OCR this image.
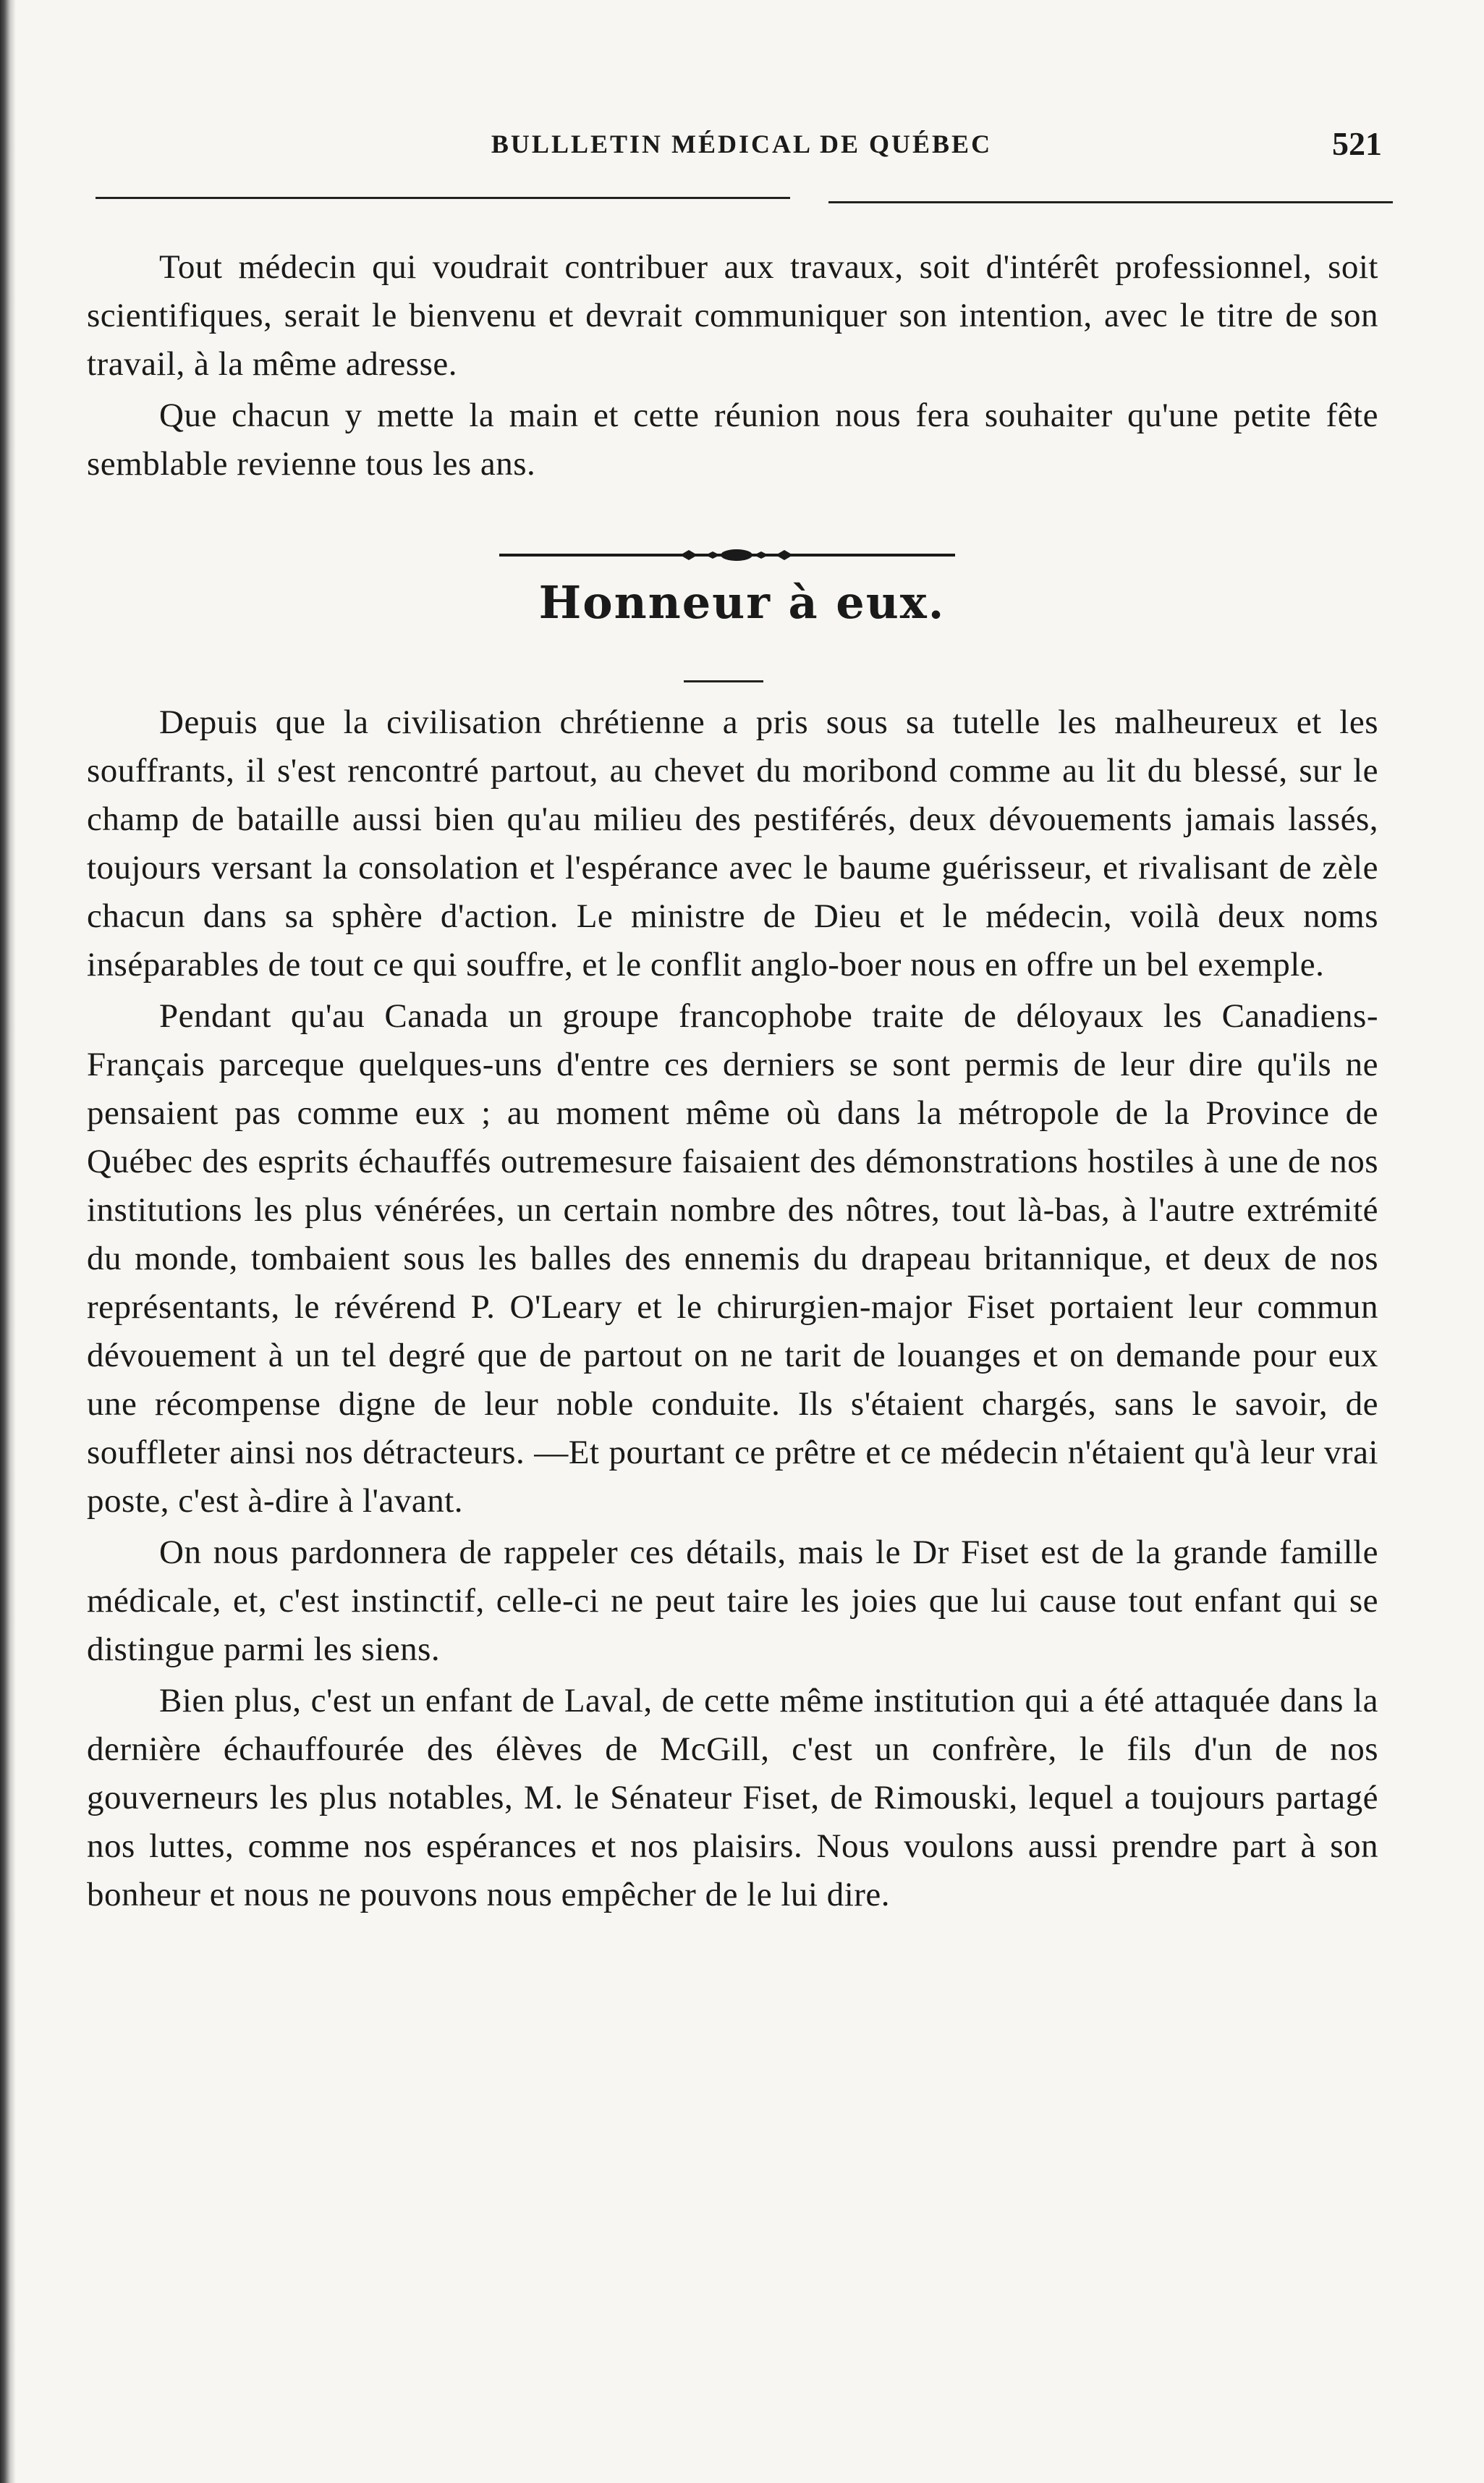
BULLLETIN MÉDICAL DE QUÉBEC	521

Tout médecin qui voudrait contribuer aux travaux, soit d'intérêt professionnel, soit scientifiques, serait le bienvenu et devrait communiquer son intention, avec le titre de son travail, à la même adresse.

Que chacun y mette la main et cette réunion nous fera souhaiter qu'une petite fête semblable revienne tous les ans.

Honneur à eux.

Depuis que la civilisation chrétienne a pris sous sa tutelle les malheureux et les souffrants, il s'est rencontré partout, au chevet du moribond comme au lit du blessé, sur le champ de bataille aussi bien qu'au milieu des pestiférés, deux dévouements jamais lassés, toujours versant la consolation et l'espérance avec le baume guérisseur, et rivalisant de zèle chacun dans sa sphère d'action. Le ministre de Dieu et le médecin, voilà deux noms inséparables de tout ce qui souffre, et le conflit anglo-boer nous en offre un bel exemple.

Pendant qu'au Canada un groupe francophobe traite de déloyaux les Canadiens-Français parceque quelques-uns d'entre ces derniers se sont permis de leur dire qu'ils ne pensaient pas comme eux ; au moment même où dans la métropole de la Province de Québec des esprits échauffés outremesure faisaient des démonstrations hostiles à une de nos institutions les plus vénérées, un certain nombre des nôtres, tout là-bas, à l'autre extrémité du monde, tombaient sous les balles des ennemis du drapeau britannique, et deux de nos représentants, le révérend P. O'Leary et le chirurgien-major Fiset portaient leur commun dévouement à un tel degré que de partout on ne tarit de louanges et on demande pour eux une récompense digne de leur noble conduite. Ils s'étaient chargés, sans le savoir, de souffleter ainsi nos détracteurs. —Et pourtant ce prêtre et ce médecin n'étaient qu'à leur vrai poste, c'est à-dire à l'avant.

On nous pardonnera de rappeler ces détails, mais le Dr Fiset est de la grande famille médicale, et, c'est instinctif, celle-ci ne peut taire les joies que lui cause tout enfant qui se distingue parmi les siens.

Bien plus, c'est un enfant de Laval, de cette même institution qui a été attaquée dans la dernière échauffourée des élèves de McGill, c'est un confrère, le fils d'un de nos gouverneurs les plus notables, M. le Sénateur Fiset, de Rimouski, lequel a toujours partagé nos luttes, comme nos espérances et nos plaisirs. Nous voulons aussi prendre part à son bonheur et nous ne pouvons nous empêcher de le lui dire.
